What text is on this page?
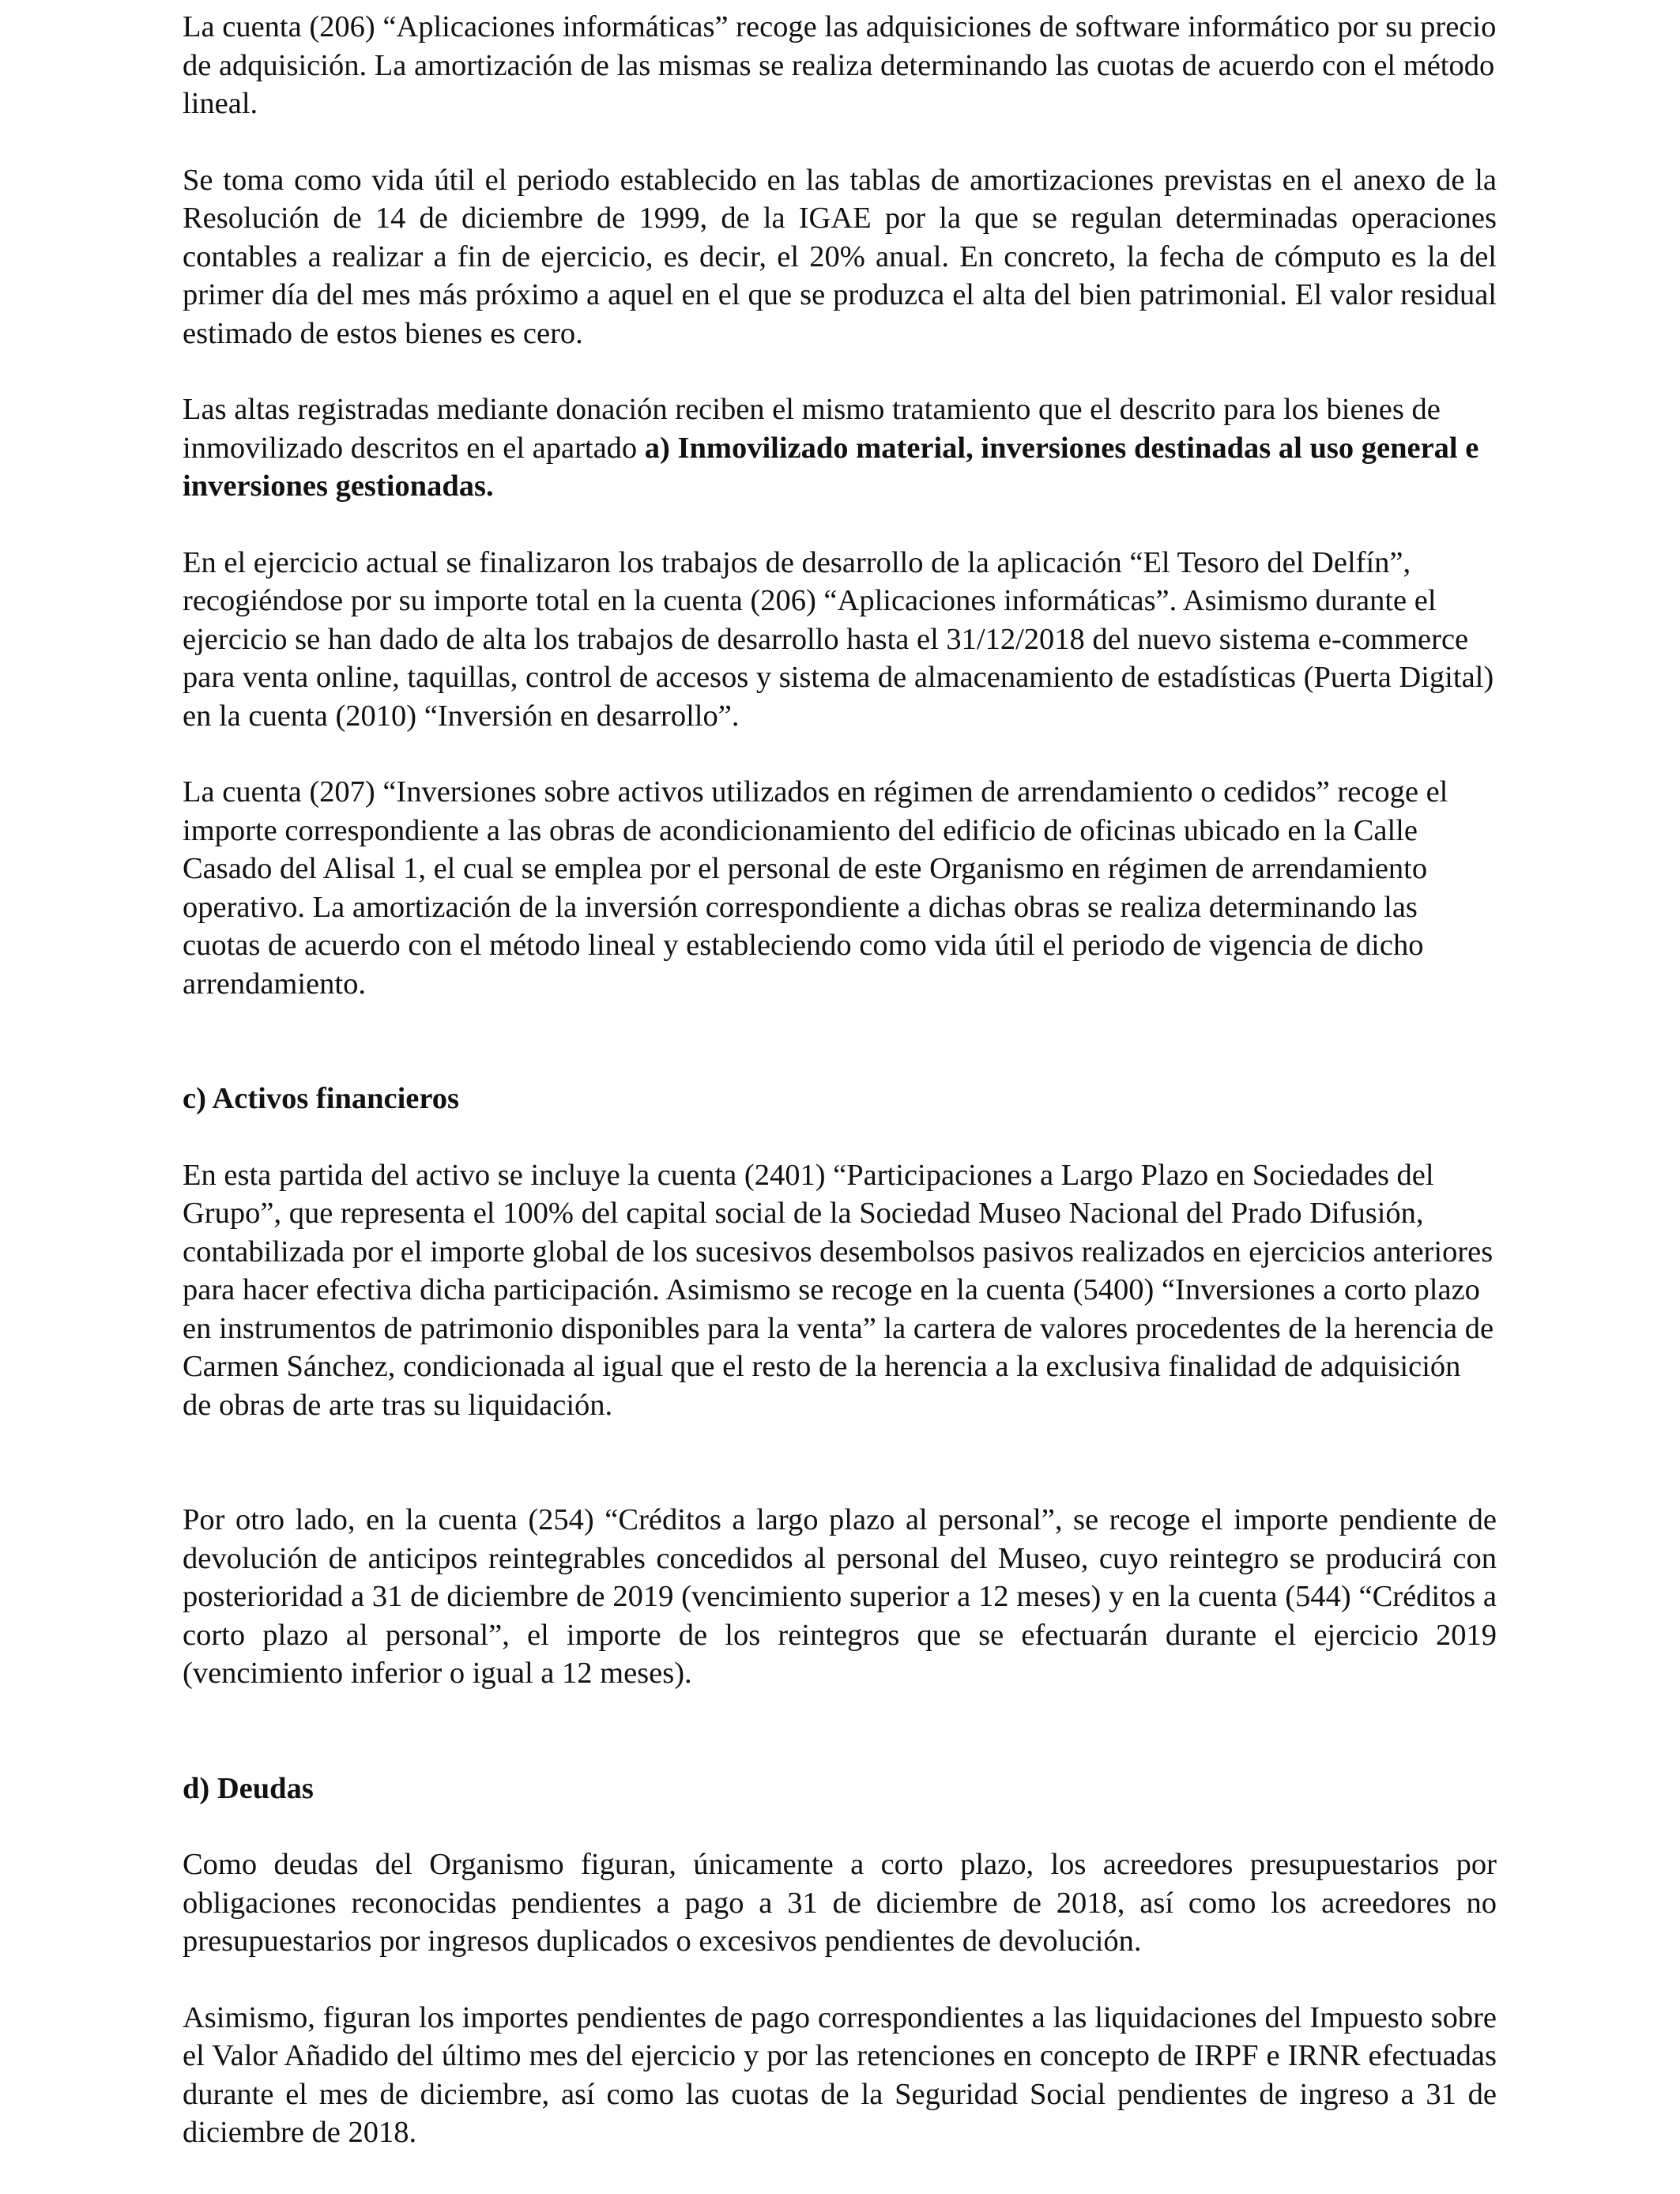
La cuenta (206) “Aplicaciones informáticas” recoge las adquisiciones de software informático por su precio de adquisición. La amortización de las mismas se realiza determinando las cuotas de acuerdo con el método lineal.

Se toma como vida útil el periodo establecido en las tablas de amortizaciones previstas en el anexo de la Resolución de 14 de diciembre de 1999, de la IGAE por la que se regulan determinadas operaciones contables a realizar a fin de ejercicio, es decir, el 20% anual. En concreto, la fecha de cómputo es la del primer día del mes más próximo a aquel en el que se produzca el alta del bien patrimonial. El valor residual estimado de estos bienes es cero.

Las altas registradas mediante donación reciben el mismo tratamiento que el descrito para los bienes de inmovilizado descritos en el apartado a) Inmovilizado material, inversiones destinadas al uso general e inversiones gestionadas.

En el ejercicio actual se finalizaron los trabajos de desarrollo de la aplicación “El Tesoro del Delfín”, recogiéndose por su importe total en la cuenta (206) “Aplicaciones informáticas”. Asimismo durante el ejercicio se han dado de alta los trabajos de desarrollo hasta el 31/12/2018 del nuevo sistema e-commerce para venta online, taquillas, control de accesos y sistema de almacenamiento de estadísticas (Puerta Digital) en la cuenta (2010) “Inversión en desarrollo”.

La cuenta (207) “Inversiones sobre activos utilizados en régimen de arrendamiento o cedidos” recoge el importe correspondiente a las obras de acondicionamiento del edificio de oficinas ubicado en la Calle Casado del Alisal 1, el cual se emplea por el personal de este Organismo en régimen de arrendamiento operativo. La amortización de la inversión correspondiente a dichas obras se realiza determinando las cuotas de acuerdo con el método lineal y estableciendo como vida útil el periodo de vigencia de dicho arrendamiento.

c) Activos financieros

En esta partida del activo se incluye la cuenta (2401) “Participaciones a Largo Plazo en Sociedades del Grupo”, que representa el 100% del capital social de la Sociedad Museo Nacional del Prado Difusión, contabilizada por el importe global de los sucesivos desembolsos pasivos realizados en ejercicios anteriores para hacer efectiva dicha participación. Asimismo se recoge en la cuenta (5400) “Inversiones a corto plazo en instrumentos de patrimonio disponibles para la venta” la cartera de valores procedentes de la herencia de Carmen Sánchez, condicionada al igual que el resto de la herencia a la exclusiva finalidad de adquisición de obras de arte tras su liquidación.

Por otro lado, en la cuenta (254) “Créditos a largo plazo al personal”, se recoge el importe pendiente de devolución de anticipos reintegrables concedidos al personal del Museo, cuyo reintegro se producirá con posterioridad a 31 de diciembre de 2019 (vencimiento superior a 12 meses) y en la cuenta (544) “Créditos a corto plazo al personal”, el importe de los reintegros que se efectuarán durante el ejercicio 2019 (vencimiento inferior o igual a 12 meses).

d) Deudas

Como deudas del Organismo figuran, únicamente a corto plazo, los acreedores presupuestarios por obligaciones reconocidas pendientes a pago a 31 de diciembre de 2018, así como los acreedores no presupuestarios por ingresos duplicados o excesivos pendientes de devolución.

Asimismo, figuran los importes pendientes de pago correspondientes a las liquidaciones del Impuesto sobre el Valor Añadido del último mes del ejercicio y por las retenciones en concepto de IRPF e IRNR efectuadas durante el mes de diciembre, así como las cuotas de la Seguridad Social pendientes de ingreso a 31 de diciembre de 2018.
